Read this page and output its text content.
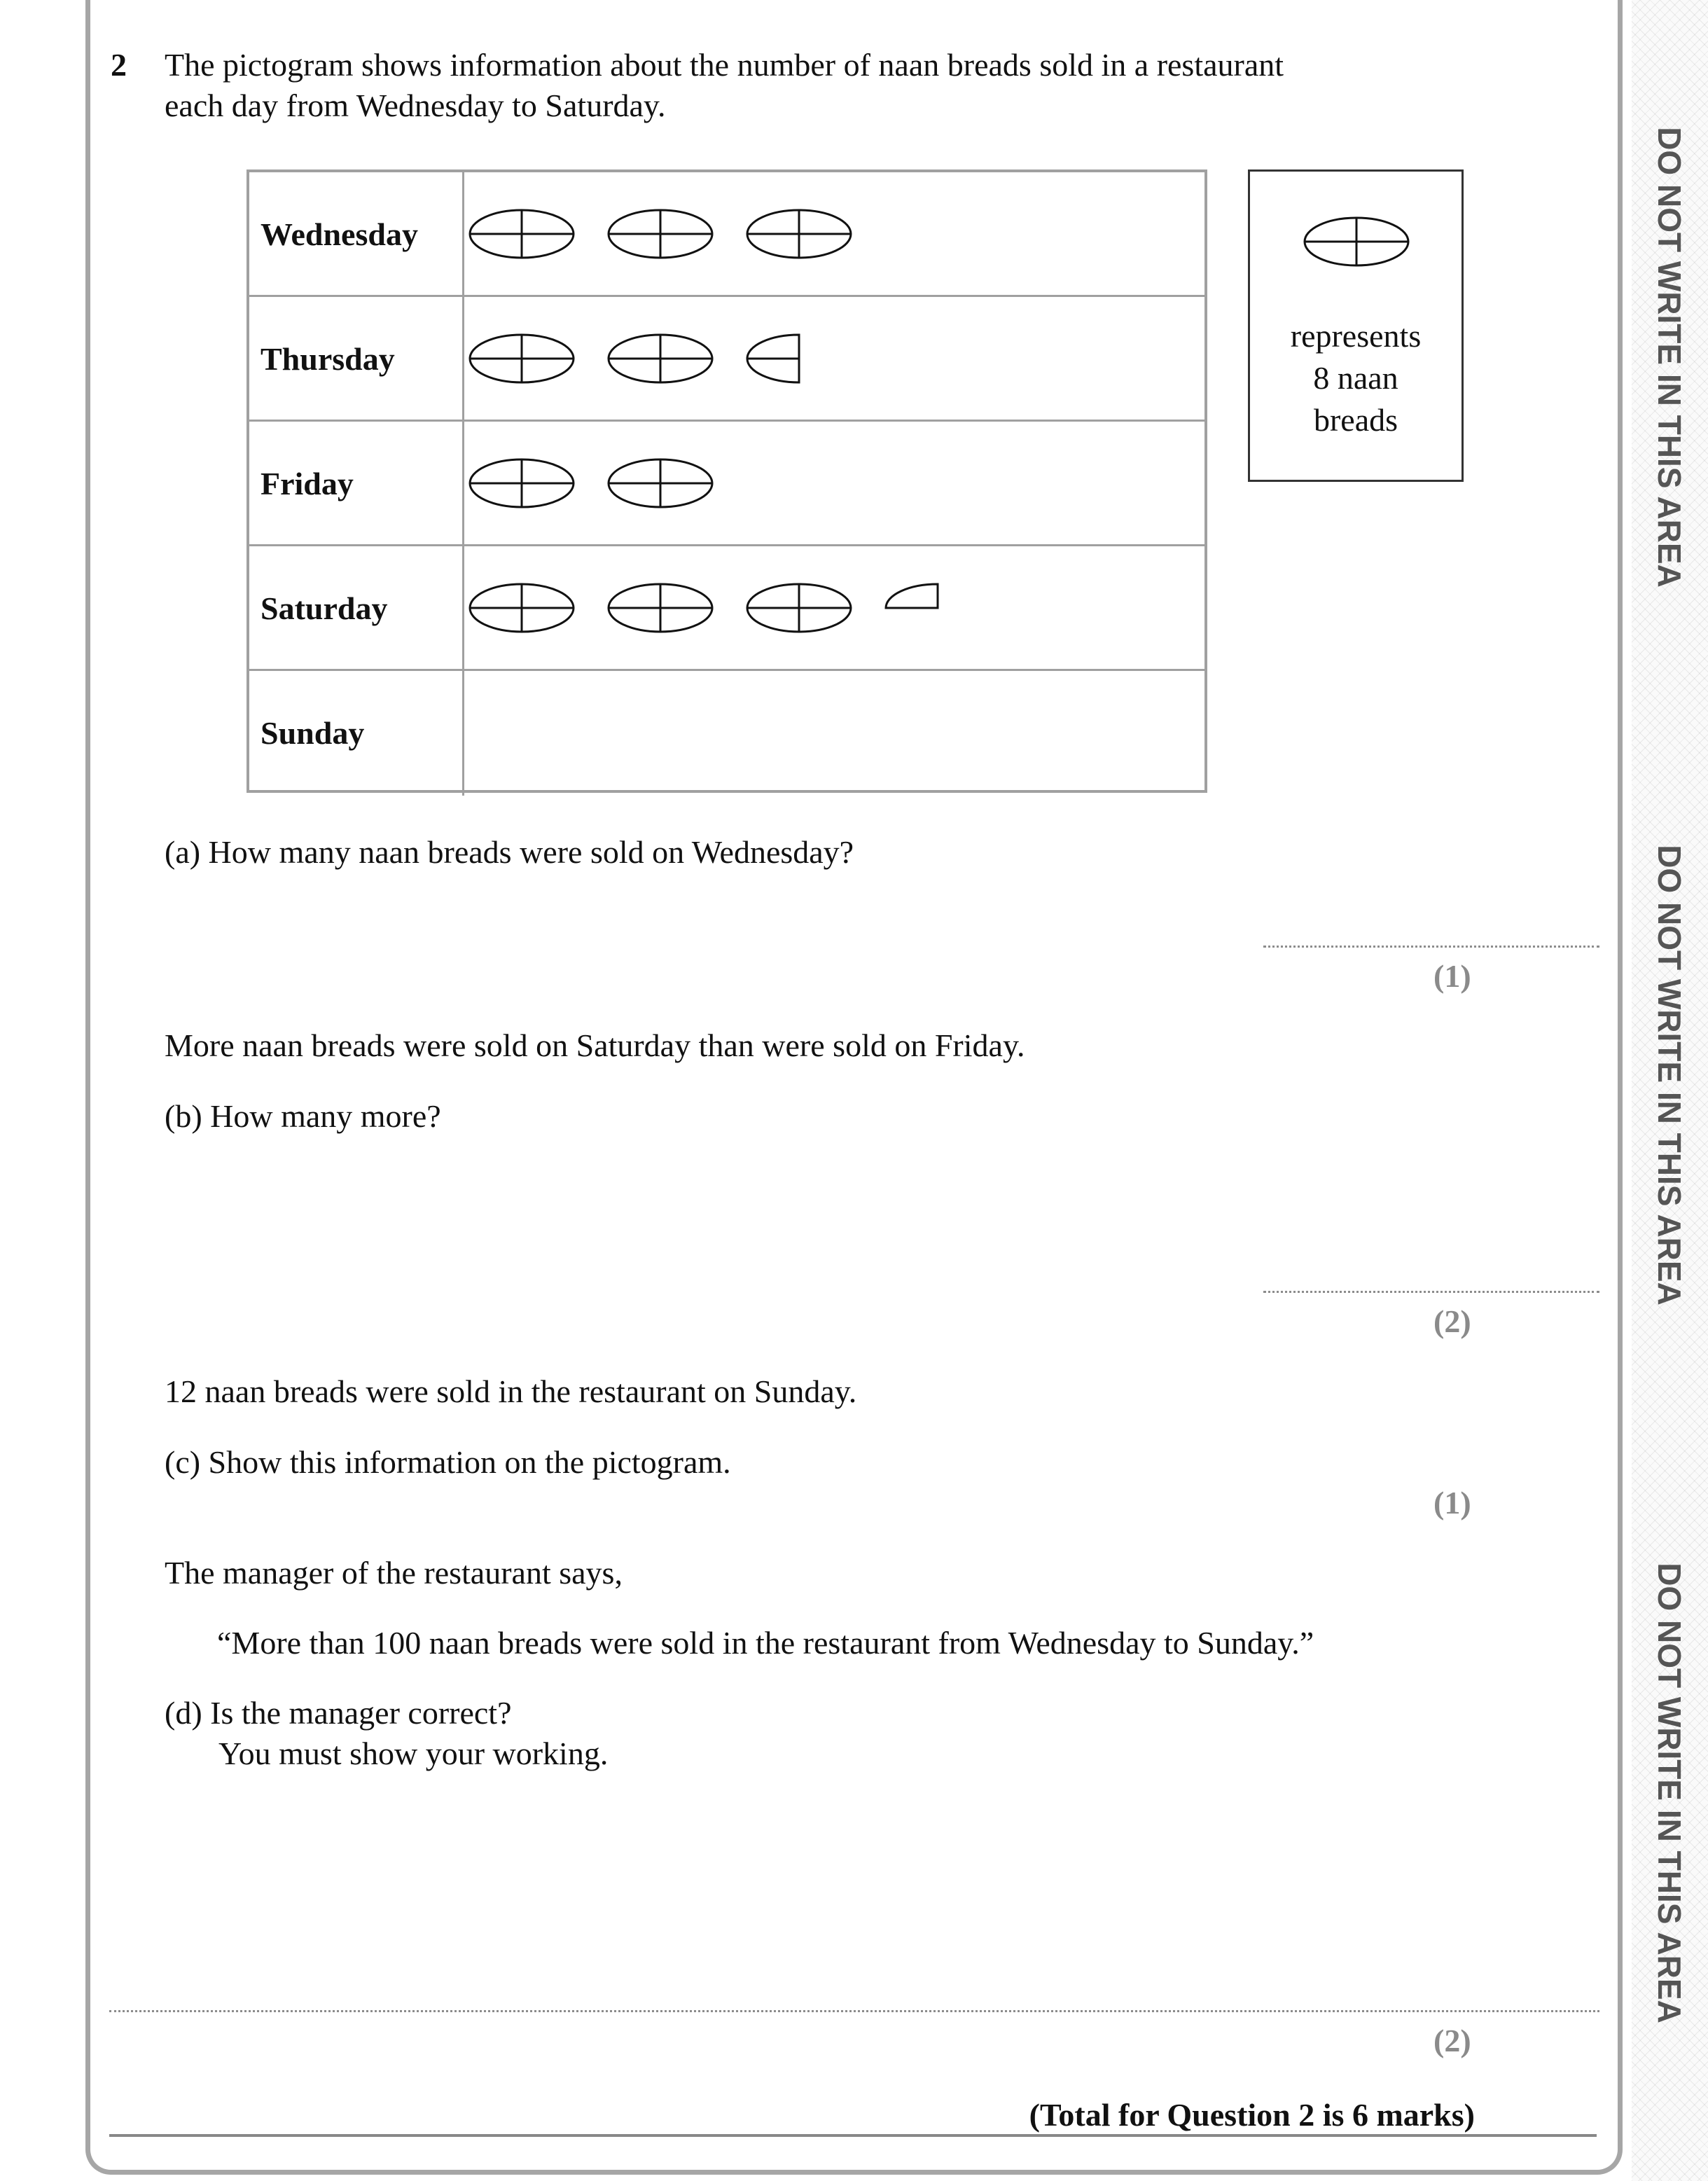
DO NOT WRITE IN THIS AREA
DO NOT WRITE IN THIS AREA
DO NOT WRITE IN THIS AREA
2 The pictogram shows information about the number of naan breads sold in a restaurant
each day from Wednesday to Saturday.
Wednesday
Thursday
Friday
Saturday
Sunday
represents
8 naan
breads
(a) How many naan breads were sold on Wednesday?
(1)
More naan breads were sold on Saturday than were sold on Friday.
(b) How many more?
(2)
12 naan breads were sold in the restaurant on Sunday.
(c) Show this information on the pictogram.
(1)
The manager of the restaurant says,
“More than 100 naan breads were sold in the restaurant from Wednesday to Sunday.”
(d) Is the manager correct?
You must show your working.
(2)
(Total for Question 2 is 6 marks)
